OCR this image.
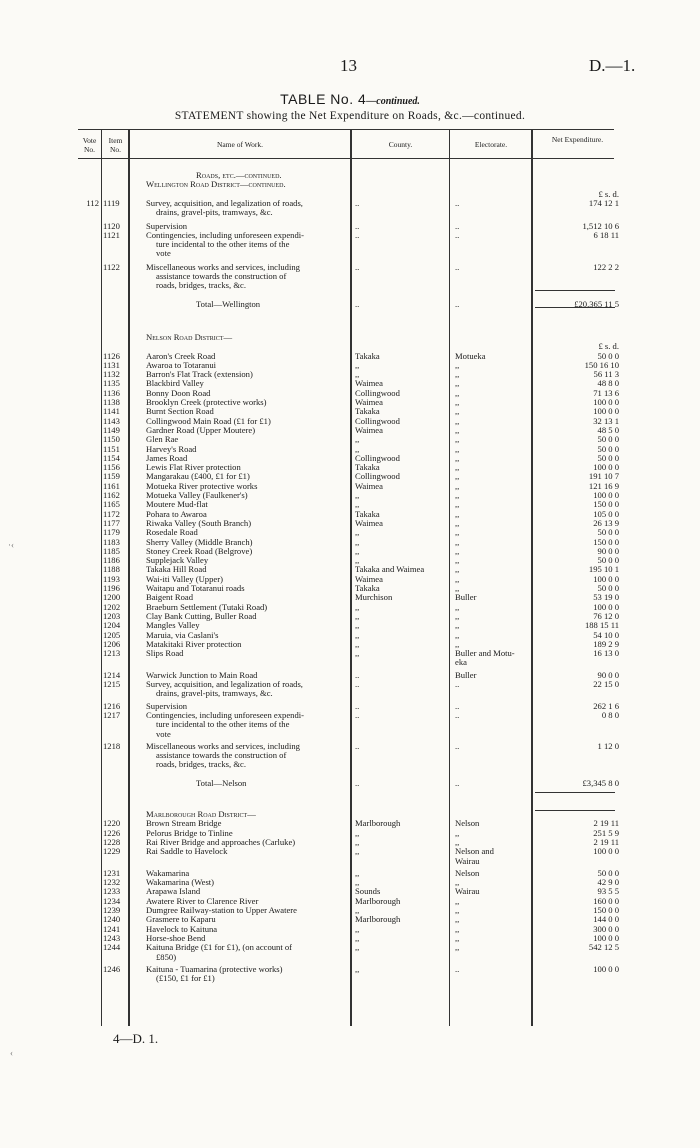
13	D.—1.
TABLE No. 4—continued.
STATEMENT showing the Net Expenditure on Roads, &c.—continued.
Vote No.
Item No.	Name of Work.	County.	Electorate.
Net Expenditure.
Roads, etc.—continued.
Wellington Road District—continued.
£ s. d.
112 1119	Survey, acquisition, and legalization of roads,	..	..	174 12 1
drains, gravel-pits, tramways, &c.
1120	Supervision	..	..	1,512 10 6
1121	Contingencies, including unforeseen expendi-	..	..	6 18 11
ture incidental to the other items of the
vote
1122	Miscellaneous works and services, including	..	..	122 2 2
assistance towards the construction of
roads, bridges, tracks, &c.
Total—Wellington	..	..	£20,365 11 5
Nelson Road District—
£ s. d.
1126	Aaron's Creek Road	Takaka	Motueka	50 0 0
1131	Awaroa to Totaranui	,,	,,	150 16 10
1132	Barron's Flat Track (extension)	,,	,,	56 11 3
1135	Blackbird Valley	Waimea	,,	48 8 0
1136	Bonny Doon Road	Collingwood	,,	71 13 6
1138	Brooklyn Creek (protective works)	Waimea	,,	100 0 0
1141	Burnt Section Road	Takaka	,,	100 0 0
1143	Collingwood Main Road (£1 for £1)	Collingwood	,,	32 13 1
1149	Gardner Road (Upper Moutere)	Waimea	,,	48 5 0
1150	Glen Rae	,,	,,	50 0 0
1151	Harvey's Road	,,	,,	50 0 0
1154	James Road	Collingwood	,,	50 0 0
1156	Lewis Flat River protection	Takaka	,,	100 0 0
1159	Mangarakau (£400, £1 for £1)	Collingwood	,,	191 10 7
1161	Motueka River protective works	Waimea	,,	121 16 9
1162	Motueka Valley (Faulkener's)	,,	,,	100 0 0
1165	Moutere Mud-flat	,,	,,	150 0 0
1172	Pohara to Awaroa	Takaka	,,	105 0 0
1177	Riwaka Valley (South Branch)	Waimea	,,	26 13 9
1179	Rosedale Road	,,	,,	50 0 0
1183	Sherry Valley (Middle Branch)	,,	,,	150 0 0
1185	Stoney Creek Road (Belgrove)	,,	,,	90 0 0
1186	Supplejack Valley	,,	,,	50 0 0
1188	Takaka Hill Road	Takaka and Waimea	,,	195 10 1
1193	Wai-iti Valley (Upper)	Waimea	,,	100 0 0
1196	Waitapu and Totaranui roads	Takaka	,,	50 0 0
1200	Baigent Road	Murchison	Buller	53 19 0
1202	Braeburn Settlement (Tutaki Road)	,,	,,	100 0 0
1203	Clay Bank Cutting, Buller Road	,,	,,	76 12 0
1204	Mangles Valley	,,	,,	188 15 11
1205	Maruia, via Caslani's	,,	,,	54 10 0
1206	Matakitaki River protection	,,	,,	189 2 9
1213	Slips Road	,,	Buller and Motu-	16 13 0
eka
1214	Warwick Junction to Main Road	..	Buller	90 0 0
1215	Survey, acquisition, and legalization of roads,	..	..	22 15 0
drains, gravel-pits, tramways, &c.
1216	Supervision	..	..	262 1 6
1217	Contingencies, including unforeseen expendi-	..	..	0 8 0
ture incidental to the other items of the
vote
1218	Miscellaneous works and services, including	..	..	1 12 0
assistance towards the construction of
roads, bridges, tracks, &c.
Total—Nelson	..	..	£3,345 8 0
Marlborough Road District—
1220	Brown Stream Bridge	Marlborough	Nelson	2 19 11
1226	Pelorus Bridge to Tinline	,,	,,	251 5 9
1228	Rai River Bridge and approaches (Carluke)	,,	,,	2 19 11
1229	Rai Saddle to Havelock	,,	Nelson and	100 0 0
Wairau
1231	Wakamarina	,,	Nelson	50 0 0
1232	Wakamarina (West)	,,	,,	42 9 0
1233	Arapawa Island	Sounds	Wairau	93 5 5
1234	Awatere River to Clarence River	Marlborough	,,	160 0 0
1239	Dumgree Railway-station to Upper Awatere	,,	,,	150 0 0
1240	Grasmere to Kaparu	Marlborough	,,	144 0 0
1241	Havelock to Kaituna	,,	,,	300 0 0
1243	Horse-shoe Bend	,,	,,	100 0 0
1244	Kaituna Bridge (£1 for £1), (on account of	,,	,,	542 12 5
£850)
1246	Kaituna - Tuamarina (protective works)	,,	..	100 0 0
(£150, £1 for £1)
·‹
‹
4—D. 1.
